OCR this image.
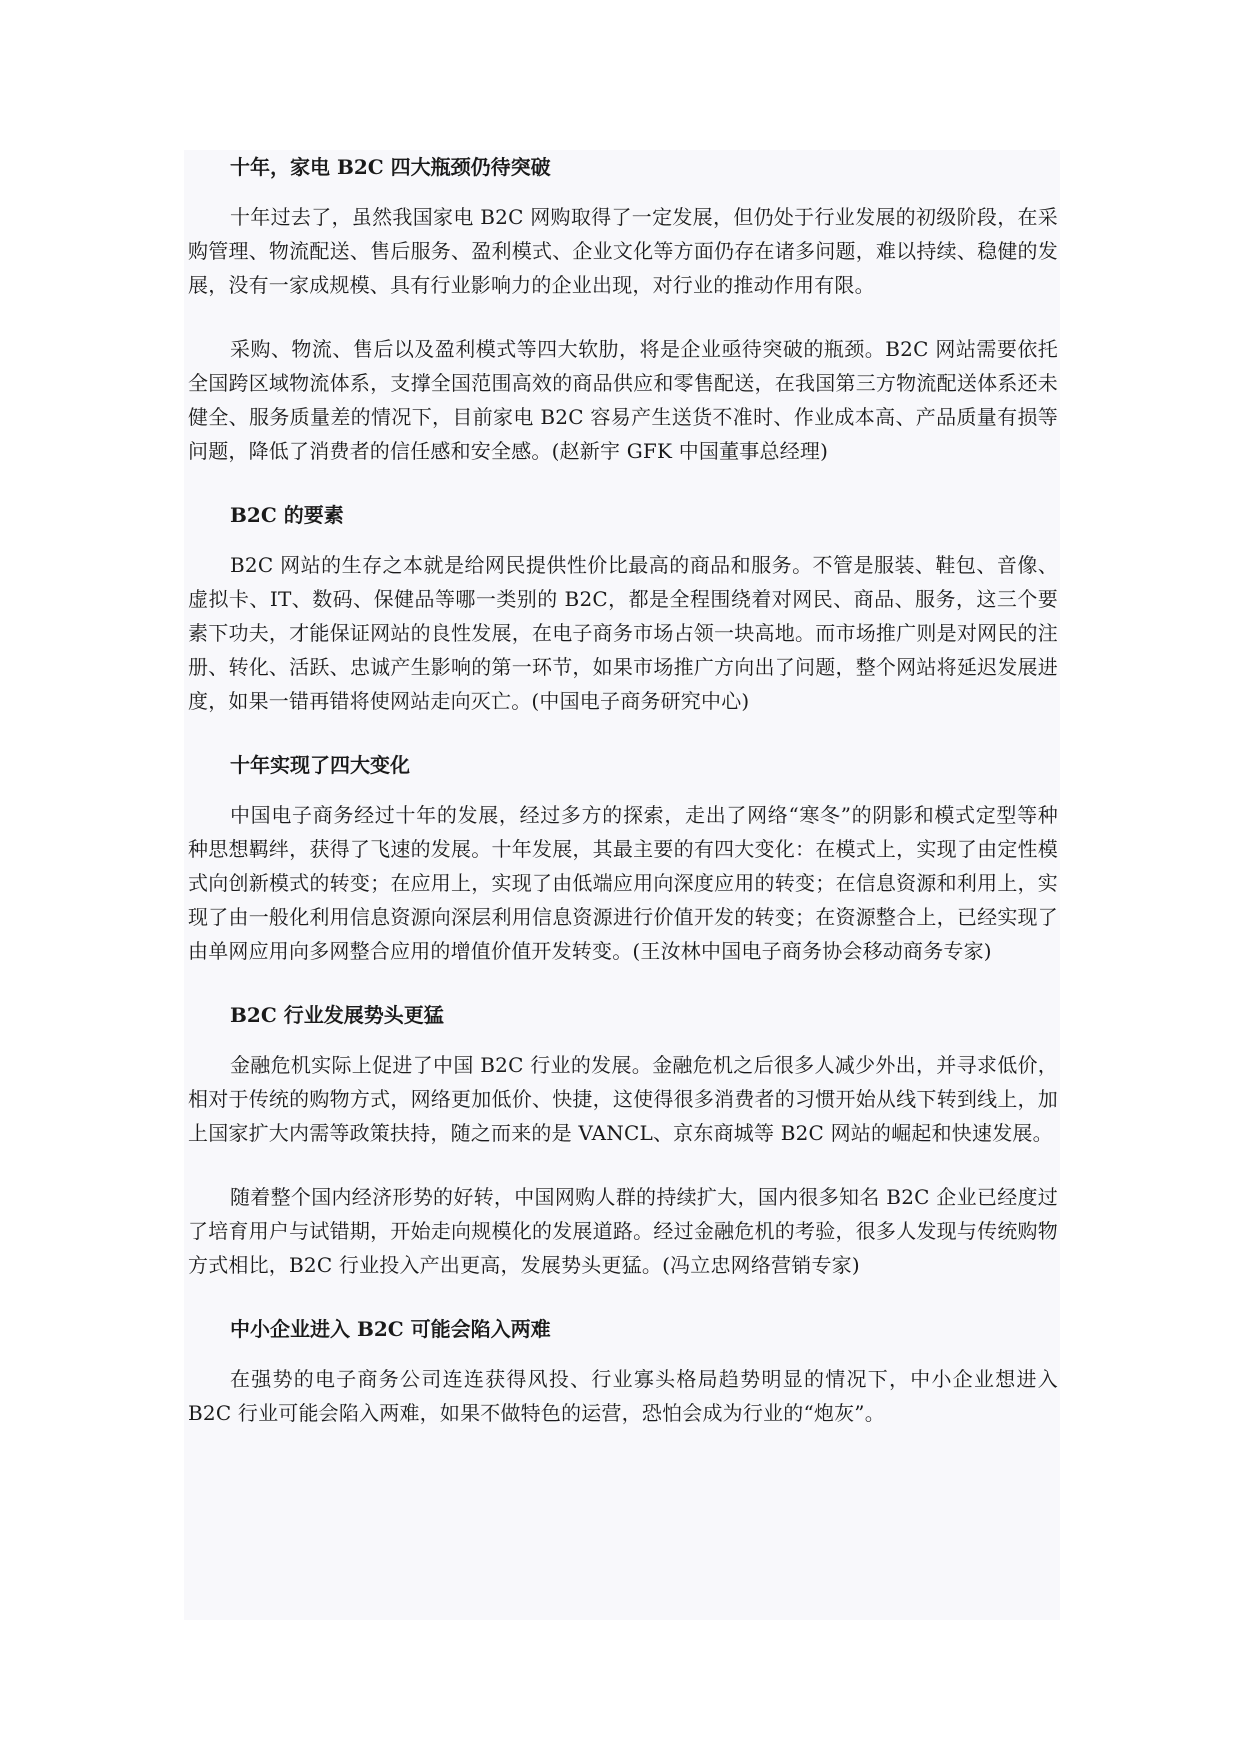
十年，家电 B2C 四大瓶颈仍待突破

十年过去了，虽然我国家电 B2C 网购取得了一定发展，但仍处于行业发展的初级阶段，在采购管理、物流配送、售后服务、盈利模式、企业文化等方面仍存在诸多问题，难以持续、稳健的发展，没有一家成规模、具有行业影响力的企业出现，对行业的推动作用有限。

采购、物流、售后以及盈利模式等四大软肋，将是企业亟待突破的瓶颈。B2C 网站需要依托全国跨区域物流体系，支撑全国范围高效的商品供应和零售配送，在我国第三方物流配送体系还未健全、服务质量差的情况下，目前家电 B2C 容易产生送货不准时、作业成本高、产品质量有损等问题，降低了消费者的信任感和安全感。(赵新宇 GFK 中国董事总经理)

B2C 的要素

B2C 网站的生存之本就是给网民提供性价比最高的商品和服务。不管是服装、鞋包、音像、虚拟卡、IT、数码、保健品等哪一类别的 B2C，都是全程围绕着对网民、商品、服务，这三个要素下功夫，才能保证网站的良性发展，在电子商务市场占领一块高地。而市场推广则是对网民的注册、转化、活跃、忠诚产生影响的第一环节，如果市场推广方向出了问题，整个网站将延迟发展进度，如果一错再错将使网站走向灭亡。(中国电子商务研究中心)

十年实现了四大变化

中国电子商务经过十年的发展，经过多方的探索，走出了网络“寒冬”的阴影和模式定型等种种思想羁绊，获得了飞速的发展。十年发展，其最主要的有四大变化：在模式上，实现了由定性模式向创新模式的转变；在应用上，实现了由低端应用向深度应用的转变；在信息资源和利用上，实现了由一般化利用信息资源向深层利用信息资源进行价值开发的转变；在资源整合上，已经实现了由单网应用向多网整合应用的增值价值开发转变。(王汝林中国电子商务协会移动商务专家)

B2C 行业发展势头更猛

金融危机实际上促进了中国 B2C 行业的发展。金融危机之后很多人减少外出，并寻求低价，相对于传统的购物方式，网络更加低价、快捷，这使得很多消费者的习惯开始从线下转到线上，加上国家扩大内需等政策扶持，随之而来的是 VANCL、京东商城等 B2C 网站的崛起和快速发展。

随着整个国内经济形势的好转，中国网购人群的持续扩大，国内很多知名 B2C 企业已经度过了培育用户与试错期，开始走向规模化的发展道路。经过金融危机的考验，很多人发现与传统购物方式相比，B2C 行业投入产出更高，发展势头更猛。(冯立忠网络营销专家)

中小企业进入 B2C 可能会陷入两难

在强势的电子商务公司连连获得风投、行业寡头格局趋势明显的情况下，中小企业想进入 B2C 行业可能会陷入两难，如果不做特色的运营，恐怕会成为行业的“炮灰”。
